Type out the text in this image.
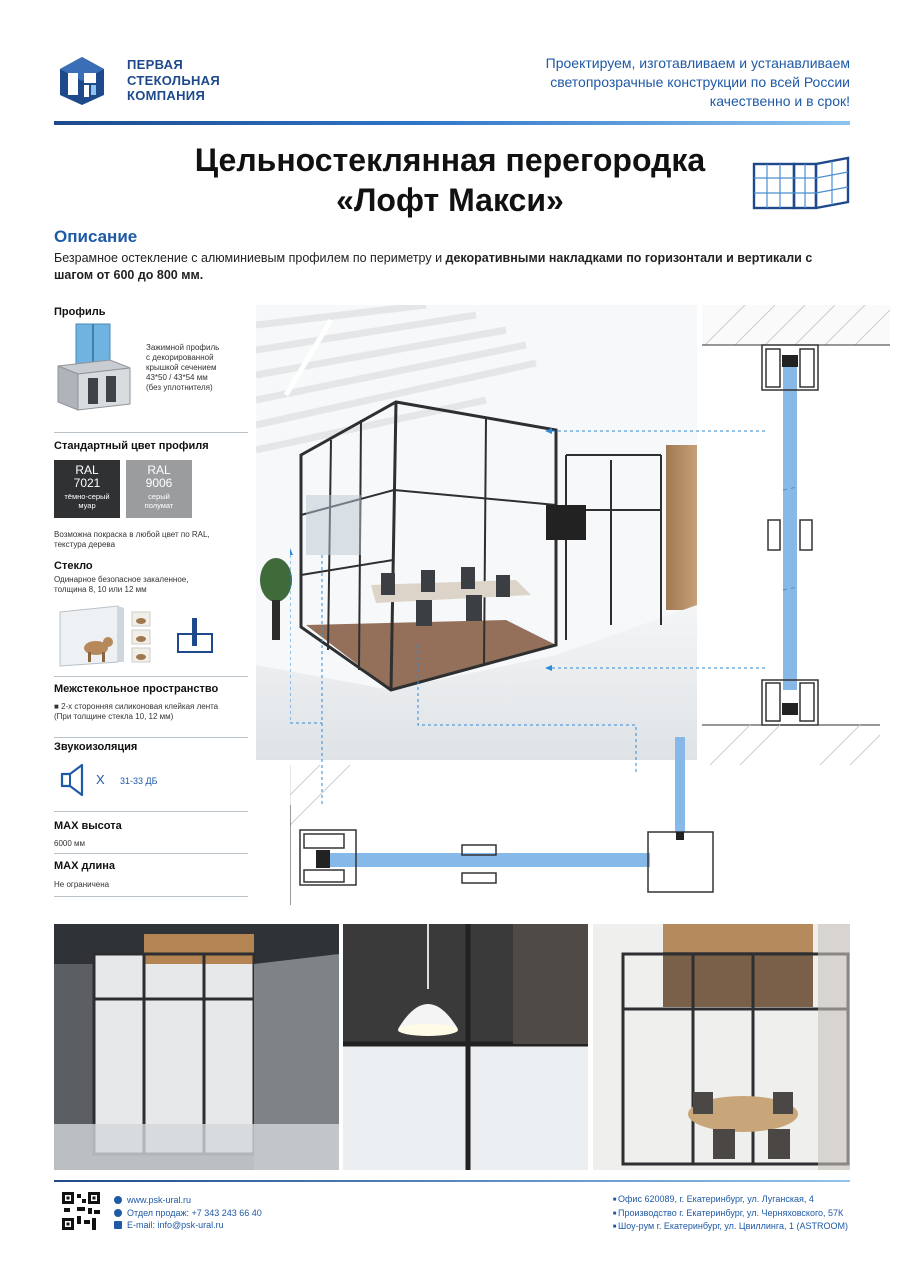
ПЕРВАЯ
СТЕКОЛЬНАЯ
КОМПАНИЯ
Проектируем, изготавливаем и устанавливаем
светопрозрачные конструкции по всей России
качественно и в срок!
Цельностеклянная перегородка
«Лофт Макси»
Описание
Безрамное остекление с алюминиевым профилем по периметру и декоративными накладками по горизонтали и вертикали с шагом от 600 до 800 мм.
Профиль
Зажимной профиль
с декорированной
крышкой сечением
43*50 / 43*54 мм
(без уплотнителя)
Стандартный цвет профиля
RAL
7021
тёмно-серый
муар
RAL
9006
серый
полумат
Возможна покраска в любой цвет по RAL,
текстура дерева
Стекло
Одинарное безопасное закаленное,
толщина 8, 10 или 12 мм
Межстекольное пространство
■ 2-х сторонняя силиконовая клейкая лента
(При толщине стекла 10, 12 мм)
Звукоизоляция
X 31-33 ДБ
MAX высота
6000 мм
MAX длина
Не ограничена
www.psk-ural.ru
Отдел продаж: +7 343 243 66 40
E-mail: info@psk-ural.ru
■ Офис 620089, г. Екатеринбург, ул. Луганская, 4
■ Производство г. Екатеринбург, ул. Черняховского, 57К
■ Шоу-рум г. Екатеринбург, ул. Цвиллинга, 1 (ASTROOM)
